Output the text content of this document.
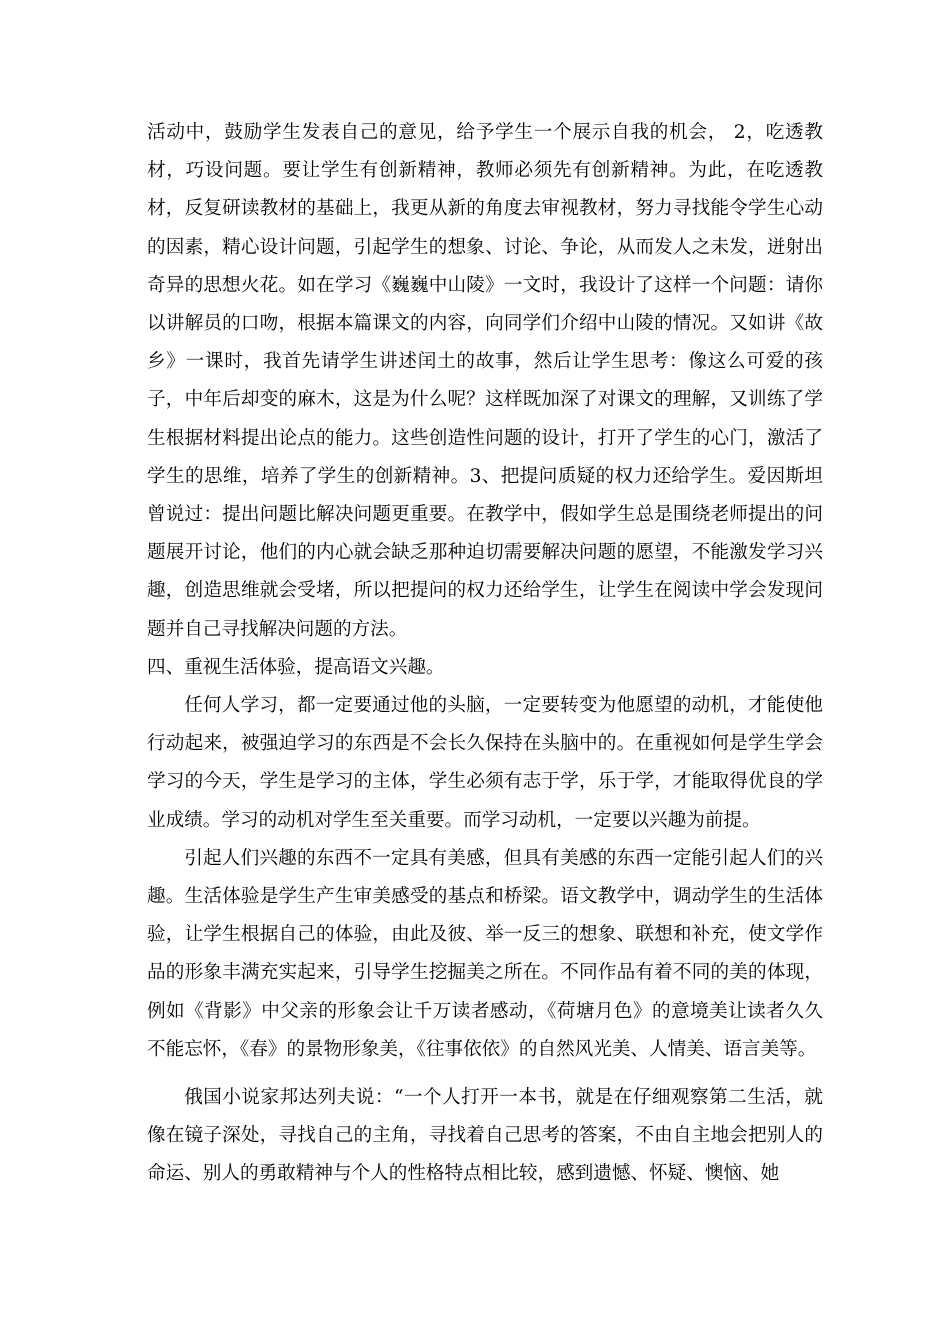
活动中，鼓励学生发表自己的意见，给予学生一个展示自我的机会， 2，吃透教材，巧设问题。要让学生有创新精神，教师必须先有创新精神。为此，在吃透教材，反复研读教材的基础上，我更从新的角度去审视教材，努力寻找能令学生心动的因素，精心设计问题，引起学生的想象、讨论、争论，从而发人之未发，迸射出奇异的思想火花。如在学习《巍巍中山陵》一文时，我设计了这样一个问题：请你以讲解员的口吻，根据本篇课文的内容，向同学们介绍中山陵的情况。又如讲《故乡》一课时，我首先请学生讲述闰土的故事，然后让学生思考：像这么可爱的孩子，中年后却变的麻木，这是为什么呢？这样既加深了对课文的理解，又训练了学生根据材料提出论点的能力。这些创造性问题的设计，打开了学生的心门，激活了学生的思维，培养了学生的创新精神。3、把提问质疑的权力还给学生。爱因斯坦曾说过：提出问题比解决问题更重要。在教学中，假如学生总是围绕老师提出的问题展开讨论，他们的内心就会缺乏那种迫切需要解决问题的愿望，不能激发学习兴趣，创造思维就会受堵，所以把提问的权力还给学生，让学生在阅读中学会发现问题并自己寻找解决问题的方法。

四、重视生活体验，提高语文兴趣。

任何人学习，都一定要通过他的头脑，一定要转变为他愿望的动机，才能使他行动起来，被强迫学习的东西是不会长久保持在头脑中的。在重视如何是学生学会学习的今天，学生是学习的主体，学生必须有志于学，乐于学，才能取得优良的学业成绩。学习的动机对学生至关重要。而学习动机，一定要以兴趣为前提。

引起人们兴趣的东西不一定具有美感，但具有美感的东西一定能引起人们的兴趣。生活体验是学生产生审美感受的基点和桥梁。语文教学中，调动学生的生活体验，让学生根据自己的体验，由此及彼、举一反三的想象、联想和补充，使文学作品的形象丰满充实起来，引导学生挖掘美之所在。不同作品有着不同的美的体现，例如《背影》中父亲的形象会让千万读者感动，《荷塘月色》的意境美让读者久久不能忘怀，《春》的景物形象美，《往事依依》的自然风光美、人情美、语言美等。

俄国小说家邦达列夫说：“一个人打开一本书，就是在仔细观察第二生活，就像在镜子深处，寻找自己的主角，寻找着自己思考的答案，不由自主地会把别人的命运、别人的勇敢精神与个人的性格特点相比较，感到遗憾、怀疑、懊恼、她
